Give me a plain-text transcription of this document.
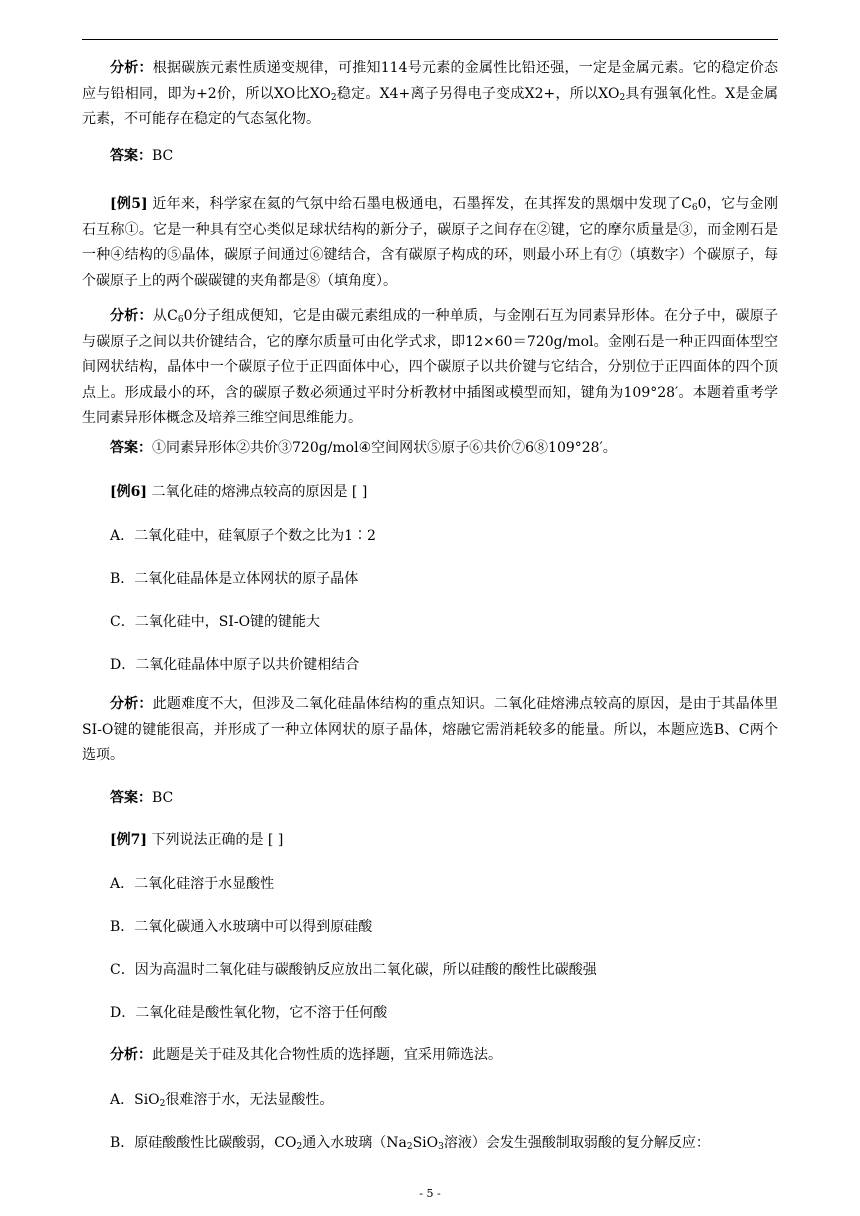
分析：根据碳族元素性质递变规律，可推知114号元素的金属性比铅还强，一定是金属元素。它的稳定价态应与铅相同，即为+2价，所以XO比$XO_2$稳定。X4+离子另得电子变成X2+，所以$XO_2$具有强氧化性。X是金属元素，不可能存在稳定的气态氢化物。

答案：BC

[例5] 近年来，科学家在氦的气氛中给石墨电极通电，石墨挥发，在其挥发的黑烟中发现了$C_60$，它与金刚石互称①。它是一种具有空心类似足球状结构的新分子，碳原子之间存在②键，它的摩尔质量是③，而金刚石是一种④结构的⑤晶体，碳原子间通过⑥键结合，含有碳原子构成的环，则最小环上有⑦（填数字）个碳原子，每个碳原子上的两个碳碳键的夹角都是⑧（填角度）。

分析：从$C_60$分子组成便知，它是由碳元素组成的一种单质，与金刚石互为同素异形体。在分子中，碳原子与碳原子之间以共价键结合，它的摩尔质量可由化学式求，即12×60＝720g/mol。金刚石是一种正四面体型空间网状结构，晶体中一个碳原子位于正四面体中心，四个碳原子以共价键与它结合，分别位于正四面体的四个顶点上。形成最小的环，含的碳原子数必须通过平时分析教材中插图或模型而知，键角为109°28′。本题着重考学生同素异形体概念及培养三维空间思维能力。

答案：①同素异形体②共价③720g/mol④空间网状⑤原子⑥共价⑦6⑧109°28′。

[例6] 二氧化硅的熔沸点较高的原因是 [ ]

A．二氧化硅中，硅氧原子个数之比为1∶2

B．二氧化硅晶体是立体网状的原子晶体

C．二氧化硅中，SI-O键的键能大

D．二氧化硅晶体中原子以共价键相结合

分析：此题难度不大，但涉及二氧化硅晶体结构的重点知识。二氧化硅熔沸点较高的原因，是由于其晶体里SI-O键的键能很高，并形成了一种立体网状的原子晶体，熔融它需消耗较多的能量。所以，本题应选B、C两个选项。

答案：BC

[例7] 下列说法正确的是 [ ]

A．二氧化硅溶于水显酸性

B．二氧化碳通入水玻璃中可以得到原硅酸

C．因为高温时二氧化硅与碳酸钠反应放出二氧化碳，所以硅酸的酸性比碳酸强

D．二氧化硅是酸性氧化物，它不溶于任何酸

分析：此题是关于硅及其化合物性质的选择题，宜采用筛选法。

A．SiO$_2$很难溶于水，无法显酸性。

B．原硅酸酸性比碳酸弱，$CO_2$通入水玻璃（$Na_2SiO_3$溶液）会发生强酸制取弱酸的复分解反应：

- 5 -
